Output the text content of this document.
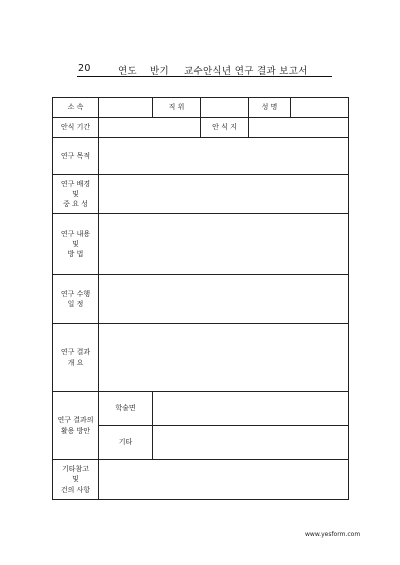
20	연도 반기 교수안식년 연구 결과 보고서
소 속		직 위		성 명	
안식 기간			안 식 지		
연구 목적					

연구 배경
및
중 요 성					

연구 내용
및
방 법					

연구 수행
일 정					

연구 결과
개 요					

연구 결과의
활용 방안	학술면				
	기타				

기타참고
및
건의 사항					

www.yesform.com
